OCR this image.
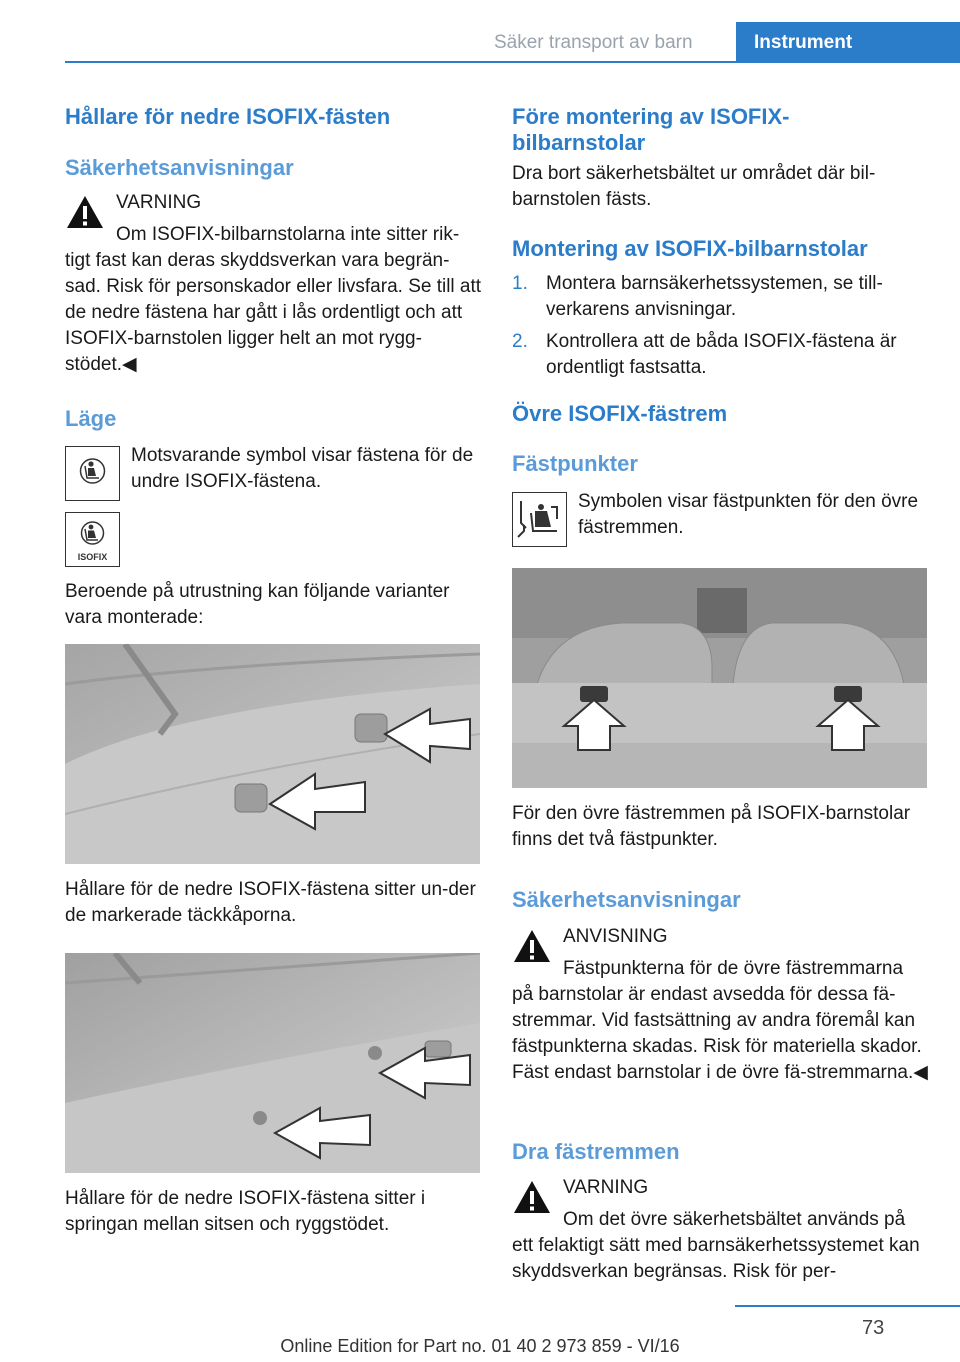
Säker transport av barn	Instrument
Hållare för nedre ISOFIX-fästen
Säkerhetsanvisningar
VARNING
Om ISOFIX-bilbarnstolarna inte sitter rik-
tigt fast kan deras skyddsverkan vara begrän-sad. Risk för personskador eller livsfara. Se till att de nedre fästena har gått i lås ordentligt och att ISOFIX-barnstolen ligger helt an mot rygg-stödet.◀
Läge
Motsvarande symbol visar fästena för de undre ISOFIX-fästena.
ISOFIX
Beroende på utrustning kan följande varianter vara monterade:
Hållare för de nedre ISOFIX-fästena sitter un-der de markerade täckkåporna.
Hållare för de nedre ISOFIX-fästena sitter i springan mellan sitsen och ryggstödet.
Före montering av ISOFIX-bilbarnstolar
Dra bort säkerhetsbältet ur området där bil-barnstolen fästs.
Montering av ISOFIX-bilbarnstolar
1. Montera barnsäkerhetssystemen, se till-verkarens anvisningar.
2. Kontrollera att de båda ISOFIX-fästena är ordentligt fastsatta.
Övre ISOFIX-fästrem
Fästpunkter
Symbolen visar fästpunkten för den övre fästremmen.
För den övre fästremmen på ISOFIX-barnstolar finns det två fästpunkter.
Säkerhetsanvisningar
ANVISNING
Fästpunkterna för de övre fästremmarna
på barnstolar är endast avsedda för dessa fä-stremmar. Vid fastsättning av andra föremål kan fästpunkterna skadas. Risk för materiella skador. Fäst endast barnstolar i de övre fä-stremmarna.◀
Dra fästremmen
VARNING
Om det övre säkerhetsbältet används på
ett felaktigt sätt med barnsäkerhetssystemet kan skyddsverkan begränsas. Risk för per-
73
Online Edition for Part no. 01 40 2 973 859 - VI/16
